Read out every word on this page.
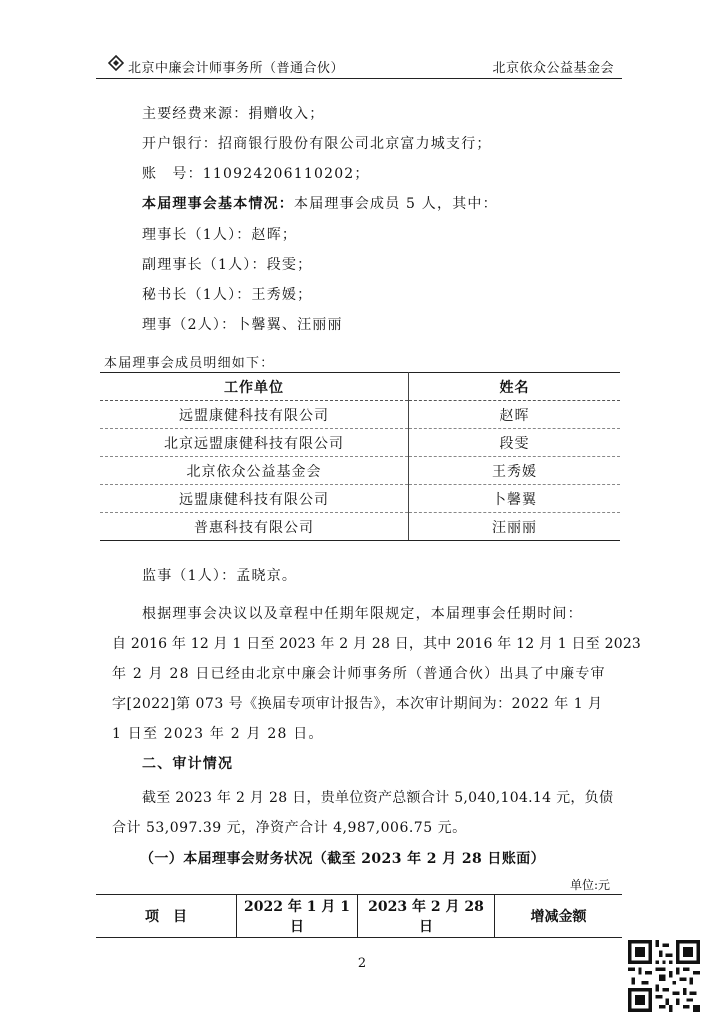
北京中廉会计师事务所（普通合伙）	北京依众公益基金会
主要经费来源：捐赠收入；
开户银行：招商银行股份有限公司北京富力城支行；
账　号：110924206110202；
本届理事会基本情况：本届理事会成员 5 人，其中：
理事长（1人）：赵晖；
副理事长（1人）：段雯；
秘书长（1人）：王秀媛；
理事（2人）：卜馨翼、汪丽丽
本届理事会成员明细如下：
工作单位	姓名
远盟康健科技有限公司	赵晖
北京远盟康健科技有限公司	段雯
北京依众公益基金会	王秀媛
远盟康健科技有限公司	卜馨翼
普惠科技有限公司	汪丽丽
监事（1人）：孟晓京。
根据理事会决议以及章程中任期年限规定，本届理事会任期时间：
自 2016 年 12 月 1 日至 2023 年 2 月 28 日，其中 2016 年 12 月 1 日至 2023
年 2 月 28 日已经由北京中廉会计师事务所（普通合伙）出具了中廉专审
字[2022]第 073 号《换届专项审计报告》，本次审计期间为：2022 年 1 月
1 日至 2023 年 2 月 28 日。
二、审计情况
截至 2023 年 2 月 28 日，贵单位资产总额合计 5,040,104.14 元，负债
合计 53,097.39 元，净资产合计 4,987,006.75 元。
（一）本届理事会财务状况（截至 2023 年 2 月 28 日账面）
单位:元
项　目	2022 年 1 月 1 日	2023 年 2 月 28 日	增减金额
2
